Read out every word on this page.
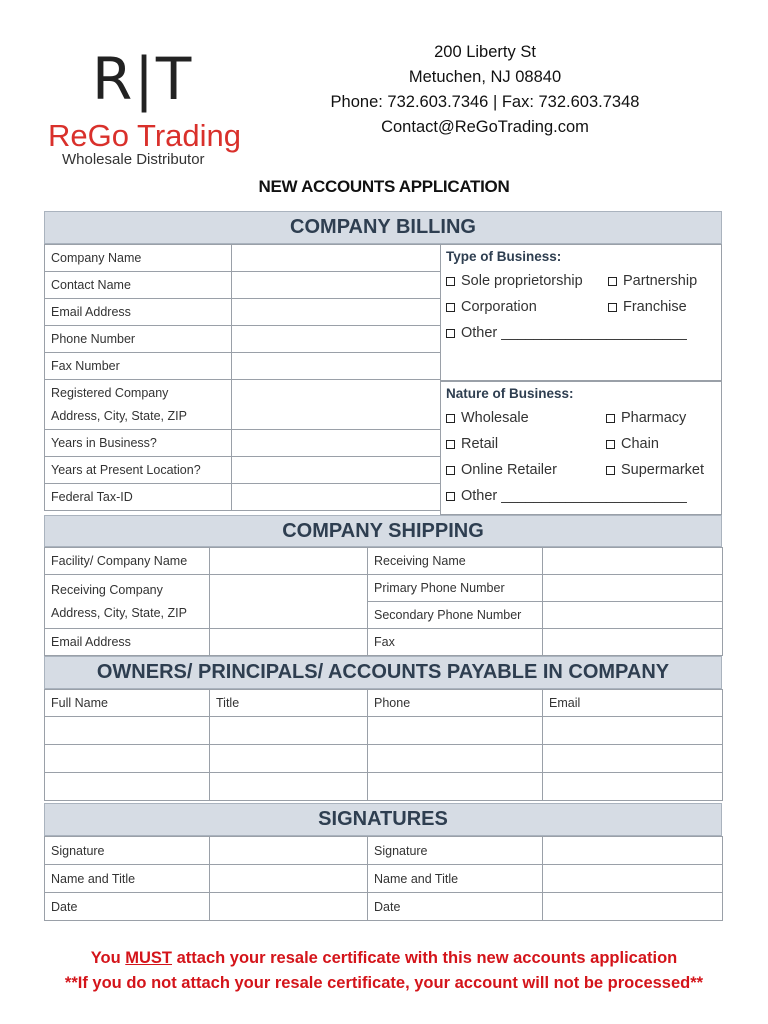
R|T
ReGo Trading
Wholesale Distributor
200 Liberty St
Metuchen, NJ 08840
Phone: 732.603.7346 | Fax: 732.603.7348
Contact@ReGoTrading.com
NEW ACCOUNTS APPLICATION
COMPANY BILLING
Company Name	
Contact Name	
Email Address	
Phone Number	
Fax Number	
Registered Company
Address, City, State, ZIP	
Years in Business?	
Years at Present Location?	
Federal Tax-ID	
Type of Business:
Sole proprietorship	Partnership
Corporation	Franchise
Other _______________________
Nature of Business:
Wholesale	Pharmacy
Retail	Chain
Online Retailer	Supermarket
Other _______________________
COMPANY SHIPPING
Facility/ Company Name		Receiving Name	
Receiving Company
Address, City, State, ZIP		Primary Phone Number	
		Secondary Phone Number	
Email Address		Fax	
OWNERS/ PRINCIPALS/ ACCOUNTS PAYABLE IN COMPANY
Full Name	Title	Phone	Email

SIGNATURES
Signature		Signature	
Name and Title		Name and Title	
Date		Date	
You MUST attach your resale certificate with this new accounts application
**If you do not attach your resale certificate, your account will not be processed**
